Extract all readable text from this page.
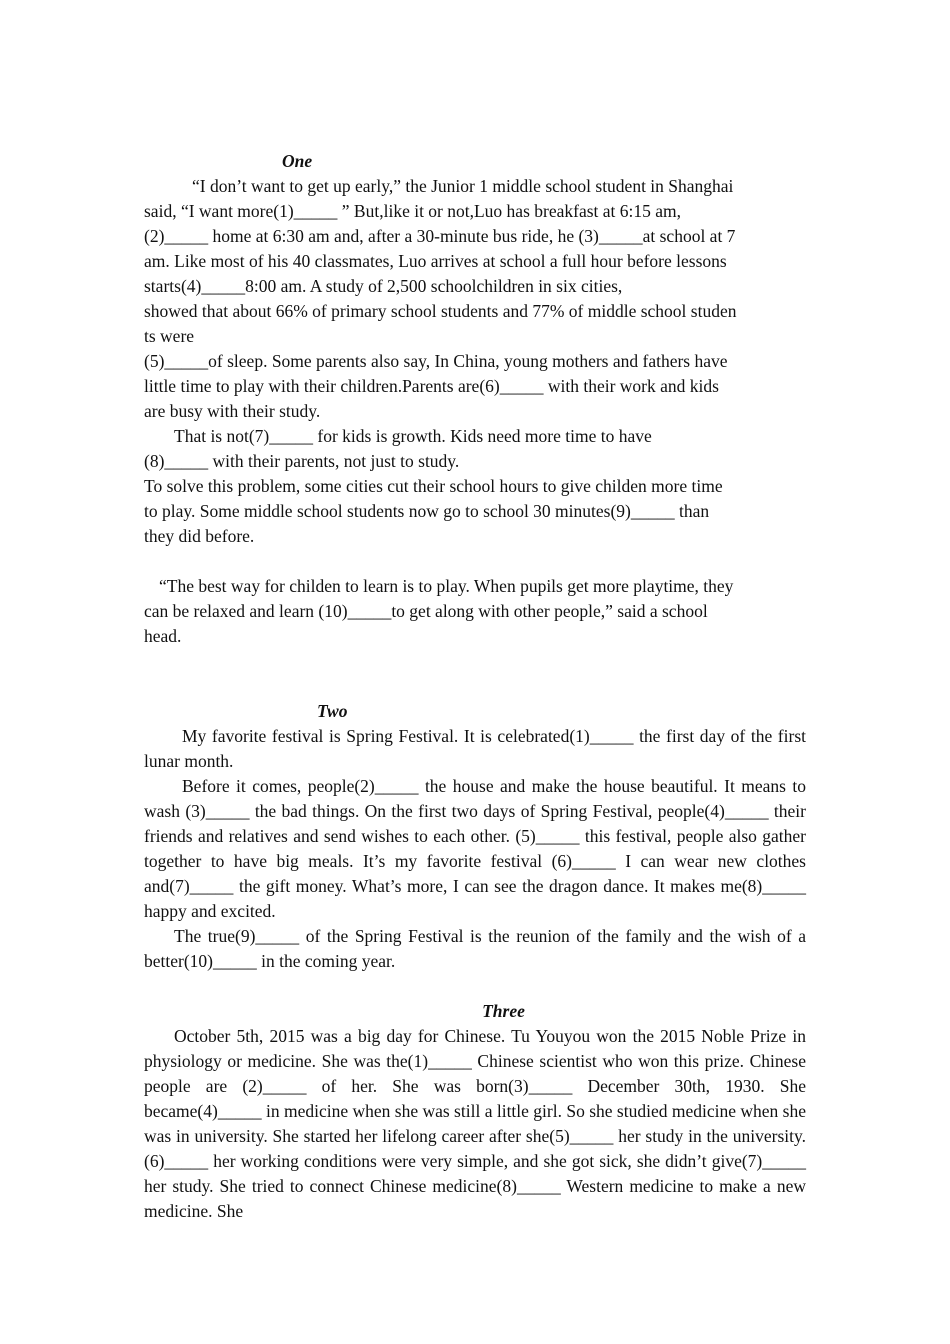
One
“I don’t want to get up early,” the Junior 1 middle school student in Shanghai
said, “I want more(1)_____ ” But,like it or not,Luo has breakfast at 6:15 am,
(2)_____ home at 6:30 am and, after a 30-minute bus ride, he (3)_____at school at 7
am. Like most of his 40 classmates, Luo arrives at school a full hour before lessons
starts(4)_____8:00 am. A study of 2,500 schoolchildren in six cities,
showed that about 66% of primary school students and 77% of middle school studen
ts were
(5)_____of sleep. Some parents also say, In China, young mothers and fathers have
little time to play with their children.Parents are(6)_____ with their work and kids
are busy with their study.
That is not(7)_____ for kids is growth. Kids need more time to have
(8)_____ with their parents, not just to study.
To solve this problem, some cities cut their school hours to give childen more time
to play. Some middle school students now go to school 30 minutes(9)_____ than
they did before.
“The best way for childen to learn is to play. When pupils get more playtime, they
can be relaxed and learn (10)_____to get along with other people,” said a school
head.
Two
My favorite festival is Spring Festival. It is celebrated(1)_____ the first day of the first lunar month.
Before it comes, people(2)_____ the house and make the house beautiful. It means to wash (3)_____ the bad things. On the first two days of Spring Festival, people(4)_____ their friends and relatives and send wishes to each other. (5)_____ this festival, people also gather together to have big meals. It’s my favorite festival (6)_____ I can wear new clothes and(7)_____ the gift money. What’s more, I can see the dragon dance. It makes me(8)_____ happy and excited.
The true(9)_____ of the Spring Festival is the reunion of the family and the wish of a better(10)_____ in the coming year.
Three
October 5th, 2015 was a big day for Chinese. Tu Youyou won the 2015 Noble Prize in physiology or medicine. She was the(1)_____ Chinese scientist who won this prize. Chinese people are (2)_____ of her. She was born(3)_____ December 30th, 1930. She became(4)_____ in medicine when she was still a little girl. So she studied medicine when she was in university. She started her lifelong career after she(5)_____ her study in the university. (6)_____ her working conditions were very simple, and she got sick, she didn’t give(7)_____ her study. She tried to connect Chinese medicine(8)_____ Western medicine to make a new medicine. She
